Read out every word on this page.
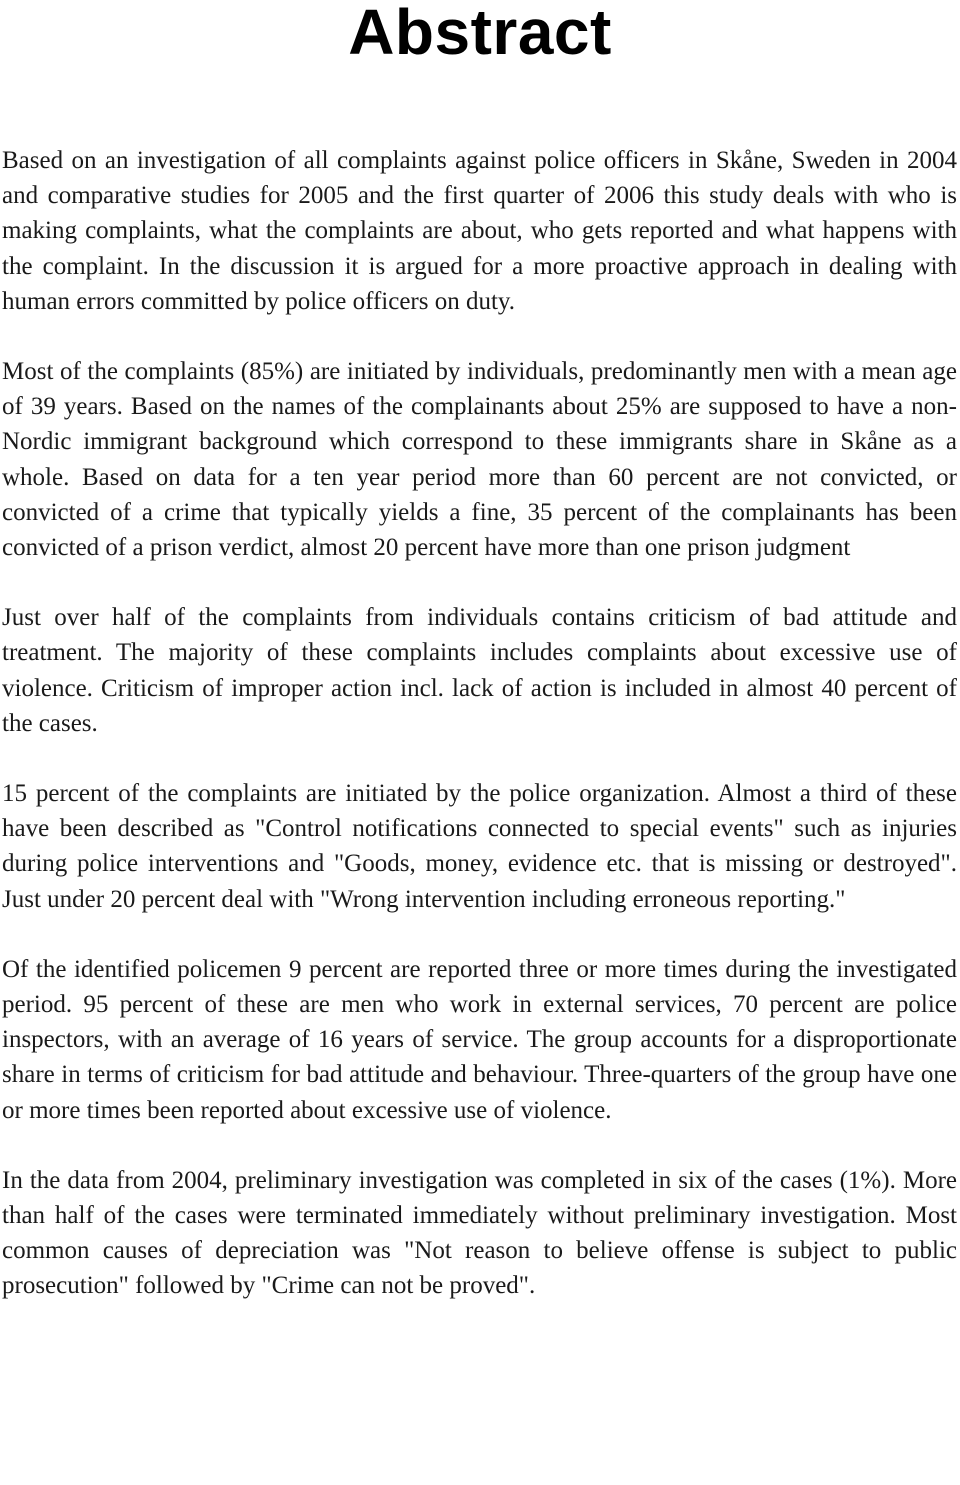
Abstract

Based on an investigation of all complaints against police officers in Skåne, Sweden in 2004 and comparative studies for 2005 and the first quarter of 2006 this study deals with who is making complaints, what the complaints are about, who gets reported and what happens with the complaint. In the discussion it is argued for a more proactive approach in dealing with human errors committed by police officers on duty.

Most of the complaints (85%) are initiated by individuals, predominantly men with a mean age of 39 years. Based on the names of the complainants about 25% are supposed to have a non-Nordic immigrant background which correspond to these immigrants share in Skåne as a whole. Based on data for a ten year period more than 60 percent are not convicted, or convicted of a crime that typically yields a fine, 35 percent of the complainants has been convicted of a prison verdict, almost 20 percent have more than one prison judgment

Just over half of the complaints from individuals contains criticism of bad attitude and treatment. The majority of these complaints includes complaints about excessive use of violence. Criticism of improper action incl. lack of action is included in almost 40 percent of the cases.

15 percent of the complaints are initiated by the police organization. Almost a third of these have been described as "Control notifications connected to special events" such as injuries during police interventions and "Goods, money, evidence etc. that is missing or destroyed". Just under 20 percent deal with "Wrong intervention including erroneous reporting."

Of the identified policemen 9 percent are reported three or more times during the investigated period. 95 percent of these are men who work in external services, 70 percent are police inspectors, with an average of 16 years of service. The group accounts for a disproportionate share in terms of criticism for bad attitude and behaviour. Three-quarters of the group have one or more times been reported about excessive use of violence.

In the data from 2004, preliminary investigation was completed in six of the cases (1%). More than half of the cases were terminated immediately without preliminary investigation. Most common causes of depreciation was "Not reason to believe offense is subject to public prosecution" followed by "Crime can not be proved".
